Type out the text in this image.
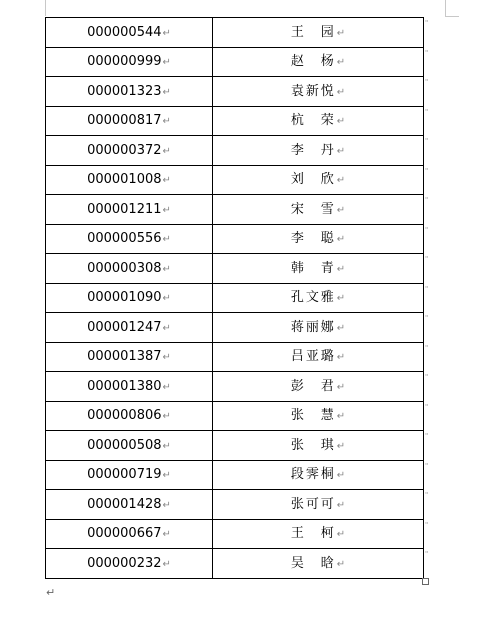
000000544↵	王　园↵
000000999↵	赵　杨↵
000001323↵	袁新悦↵
000000817↵	杭　荣↵
000000372↵	李　丹↵
000001008↵	刘　欣↵
000001211↵	宋　雪↵
000000556↵	李　聪↵
000000308↵	韩　青↵
000001090↵	孔文雅↵
000001247↵	蒋丽娜↵
000001387↵	吕亚璐↵
000001380↵	彭　君↵
000000806↵	张　慧↵
000000508↵	张　琪↵
000000719↵	段霁桐↵
000001428↵	张可可↵
000000667↵	王　柯↵
000000232↵	吴　晗↵
"
"
"
"
"
"
"
"
"
"
"
"
"
"
"
"
"
"
"
↵
